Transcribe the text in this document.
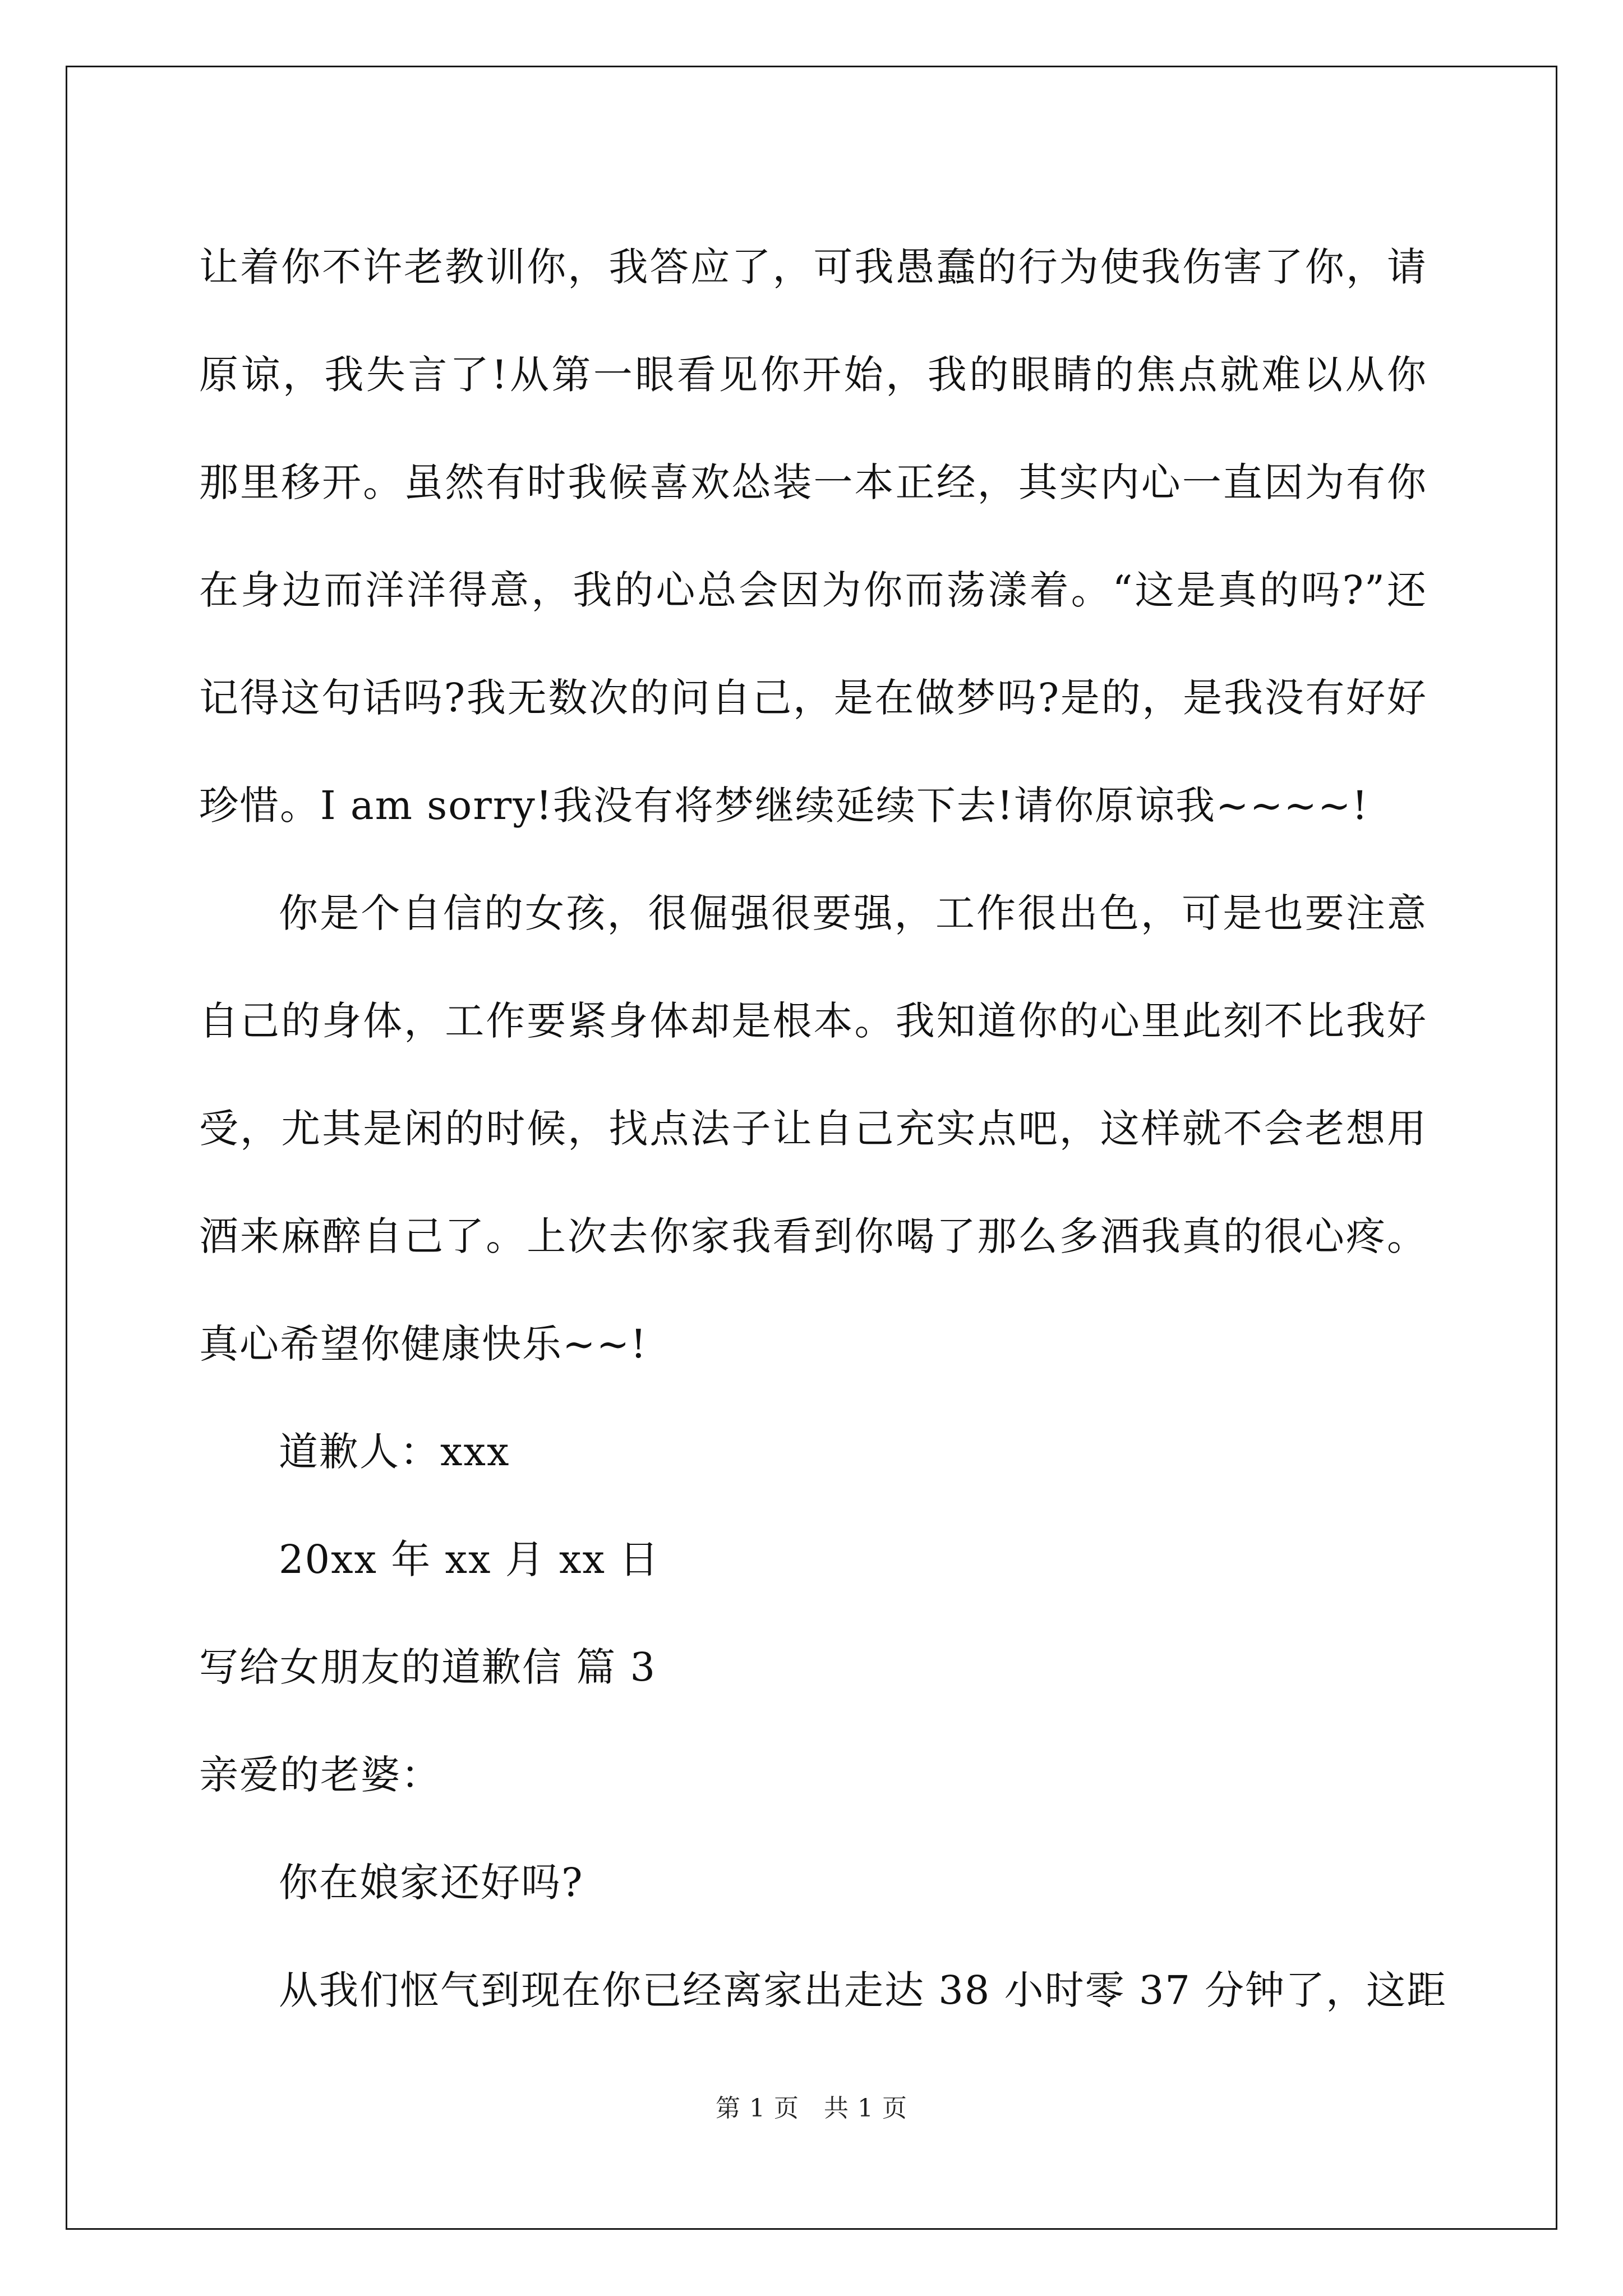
让着你不许老教训你，我答应了，可我愚蠢的行为使我伤害了你，请原谅，我失言了!从第一眼看见你开始，我的眼睛的焦点就难以从你那里移开。虽然有时我候喜欢怂装一本正经，其实内心一直因为有你在身边而洋洋得意，我的心总会因为你而荡漾着。“这是真的吗?”还记得这句话吗?我无数次的问自己，是在做梦吗?是的，是我没有好好珍惜。I am sorry!我没有将梦继续延续下去!请你原谅我~~~~!

你是个自信的女孩，很倔强很要强，工作很出色，可是也要注意自己的身体，工作要紧身体却是根本。我知道你的心里此刻不比我好受，尤其是闲的时候，找点法子让自己充实点吧，这样就不会老想用酒来麻醉自己了。上次去你家我看到你喝了那么多酒我真的很心疼。真心希望你健康快乐~~!

道歉人：xxx

20xx 年 xx 月 xx 日

写给女朋友的道歉信 篇 3

亲爱的老婆：

你在娘家还好吗?

从我们怄气到现在你已经离家出走达 38 小时零 37 分钟了，这距

第 1 页 共 1 页
